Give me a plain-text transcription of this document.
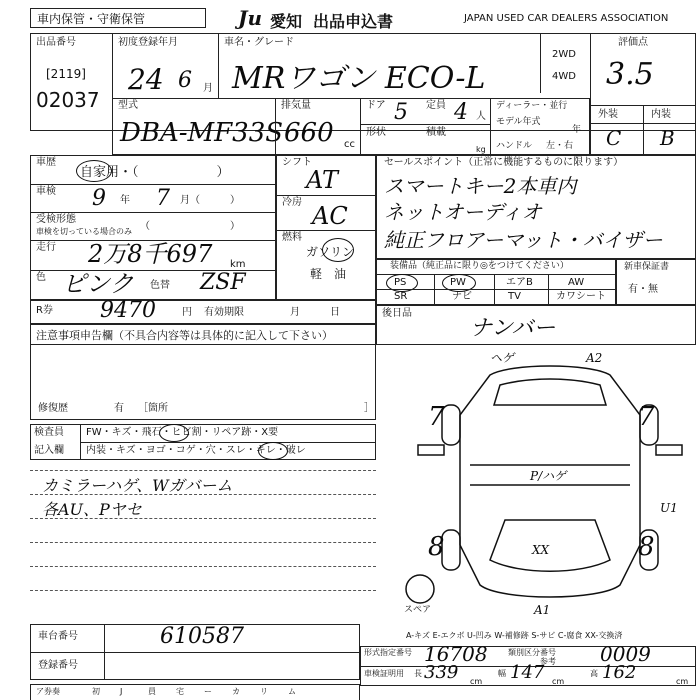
車内保管・守衛保管	Ju 愛知 出品申込書	JAPAN USED CAR DEALERS ASSOCIATION
出品番号
[2119]
02037
初度登録年月
24 6 月
車名・グレード
MRワゴン ECO-L
2WD
4WD
評価点
3.5
外装	内装
C B
型式
DBA-MF33S
排気量
660 cc
ドア 5 定員 4 人
形状	積載
kg
ディーラー・並行
モデル年式
年
ハンドル 左・右
車歴
自家用・（　　　　　　）
車検 9 年 7 月（　　　）
受検形態
車検を切っている場合のみ （　　　　　　　　）
走行 2万8千697 km
色 ピンク 色替 ZSF
シフト
AT
冷房 AC
燃料
ガソリン
軽　油
セールスポイント（正常に機能するものに限ります）
スマートキー2本車内
ネットオーディオ
純正フロアーマット・バイザー
装備品（純正品に限り◎をつけてください）
PS	PW	エアB	AW
SR	ナビ	TV	カワシート
新車保証書
有・無
R券 9470	円 有効期限	月　　　日	後日品
ナンバー
注意事項申告欄（不具合内容等は具体的に記入して下さい）
修復歴	有 ［箇所	］
検査員
記入欄
FW・キズ・飛石・ヒビ割・リペア跡・X要
内装・キズ・ヨゴ・コゲ・穴・スレ・キレ・破レ
カミラーハゲ、Wガバーム
各AU、Pヤセ
ヘゲ	A2
7	7
P/ハゲ
8	8
XX
U1
A1
スペア
A-キズ E-エクボ U-凹み W-補修跡 S-サビ C-腐食 XX-交換済
車台番号	610587
登録番号
形式指定番号 16708	類別区分番号
参考 0009
車検証明用 長 339 cm
幅 147 cm
高 162	cm
ア券奏	初	J	員	宅	ー	カ	リ	ム
